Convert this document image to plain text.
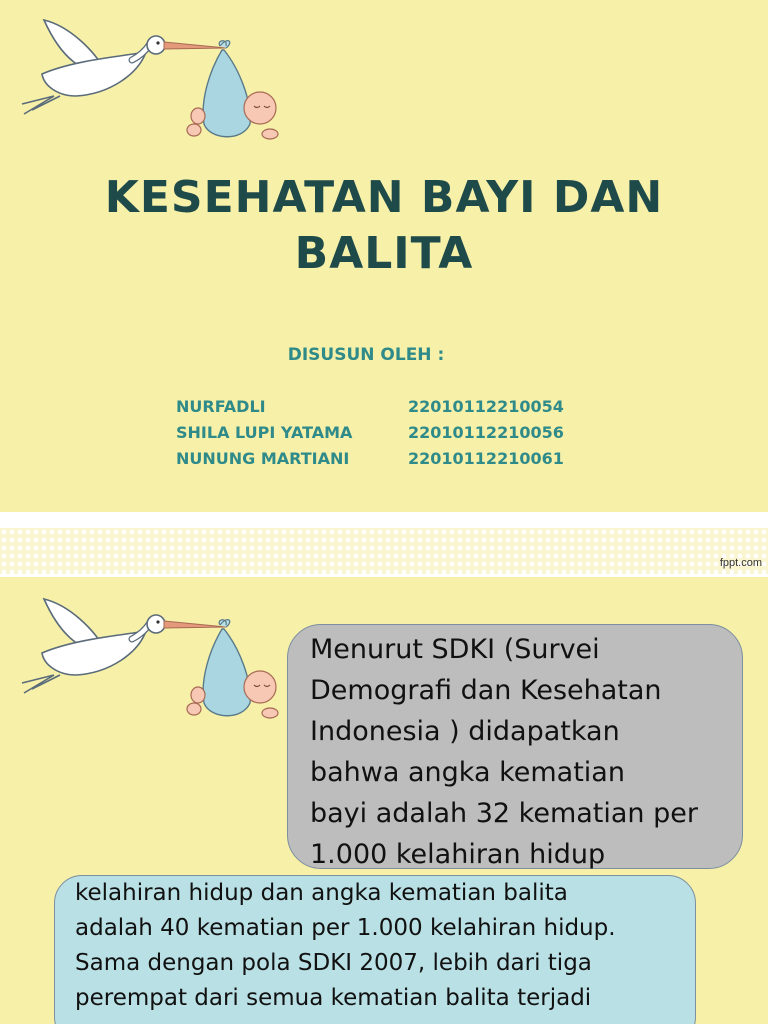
KESEHATAN BAYI DAN
BALITA
DISUSUN OLEH :
NURFADLI	22010112210054
SHILA LUPI YATAMA	22010112210056
NUNUNG MARTIANI	22010112210061
fppt.com
Menurut SDKI (Survei
Demografi dan Kesehatan
Indonesia ) didapatkan
bahwa angka kematian
bayi adalah 32 kematian per
1.000 kelahiran hidup
kelahiran hidup dan angka kematian balita
adalah 40 kematian per 1.000 kelahiran hidup.
Sama dengan pola SDKI 2007, lebih dari tiga
perempat dari semua kematian balita terjadi
